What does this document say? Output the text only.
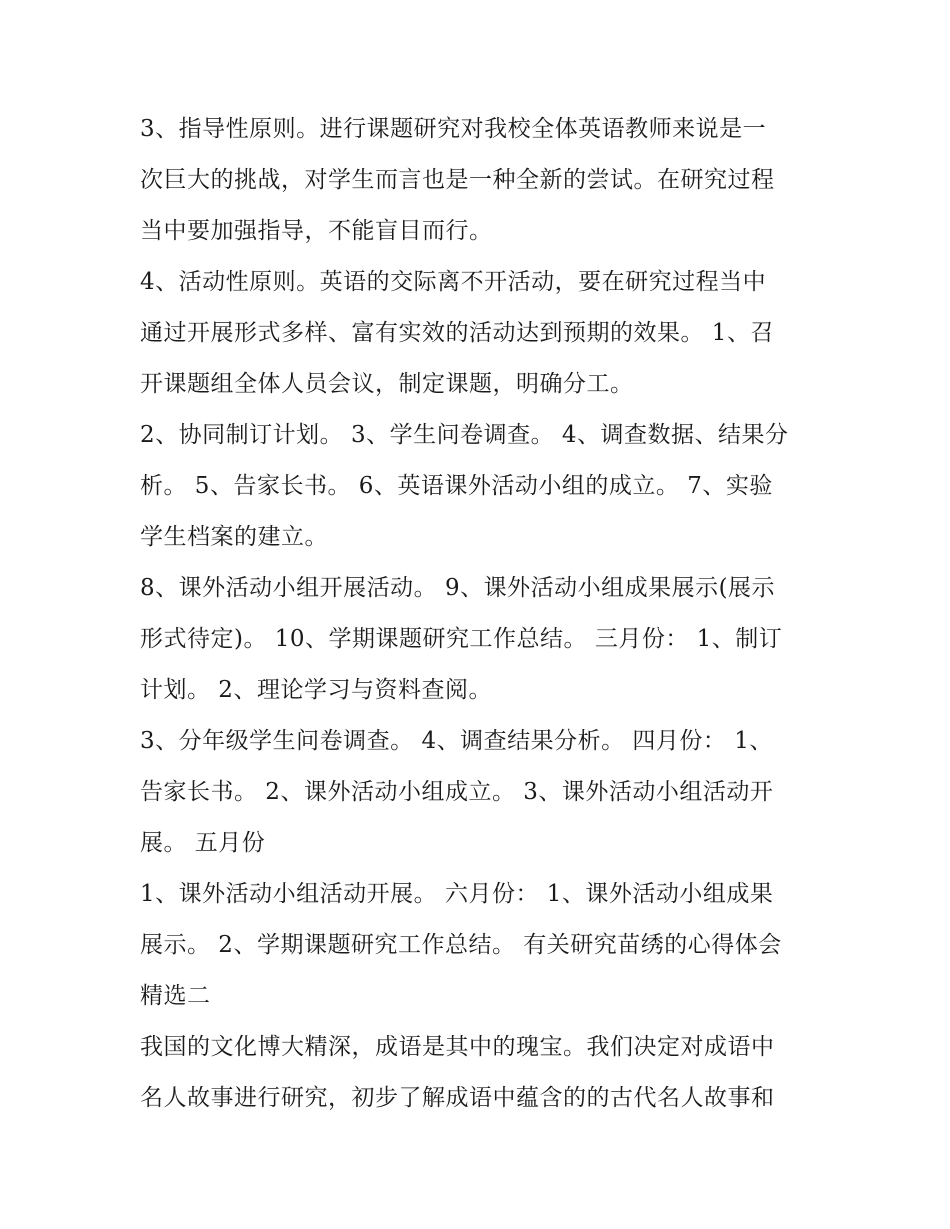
3、指导性原则。进行课题研究对我校全体英语教师来说是一
次巨大的挑战，对学生而言也是一种全新的尝试。在研究过程
当中要加强指导，不能盲目而行。
4、活动性原则。英语的交际离不开活动，要在研究过程当中
通过开展形式多样、富有实效的活动达到预期的效果。 1、召
开课题组全体人员会议，制定课题，明确分工。
2、协同制订计划。 3、学生问卷调查。 4、调查数据、结果分
析。 5、告家长书。 6、英语课外活动小组的成立。 7、实验
学生档案的建立。
8、课外活动小组开展活动。 9、课外活动小组成果展示(展示
形式待定)。 10、学期课题研究工作总结。 三月份： 1、制订
计划。 2、理论学习与资料查阅。
3、分年级学生问卷调查。 4、调查结果分析。 四月份： 1、
告家长书。 2、课外活动小组成立。 3、课外活动小组活动开
展。 五月份
1、课外活动小组活动开展。 六月份： 1、课外活动小组成果
展示。 2、学期课题研究工作总结。 有关研究苗绣的心得体会
精选二
我国的文化博大精深，成语是其中的瑰宝。我们决定对成语中
名人故事进行研究，初步了解成语中蕴含的的古代名人故事和
